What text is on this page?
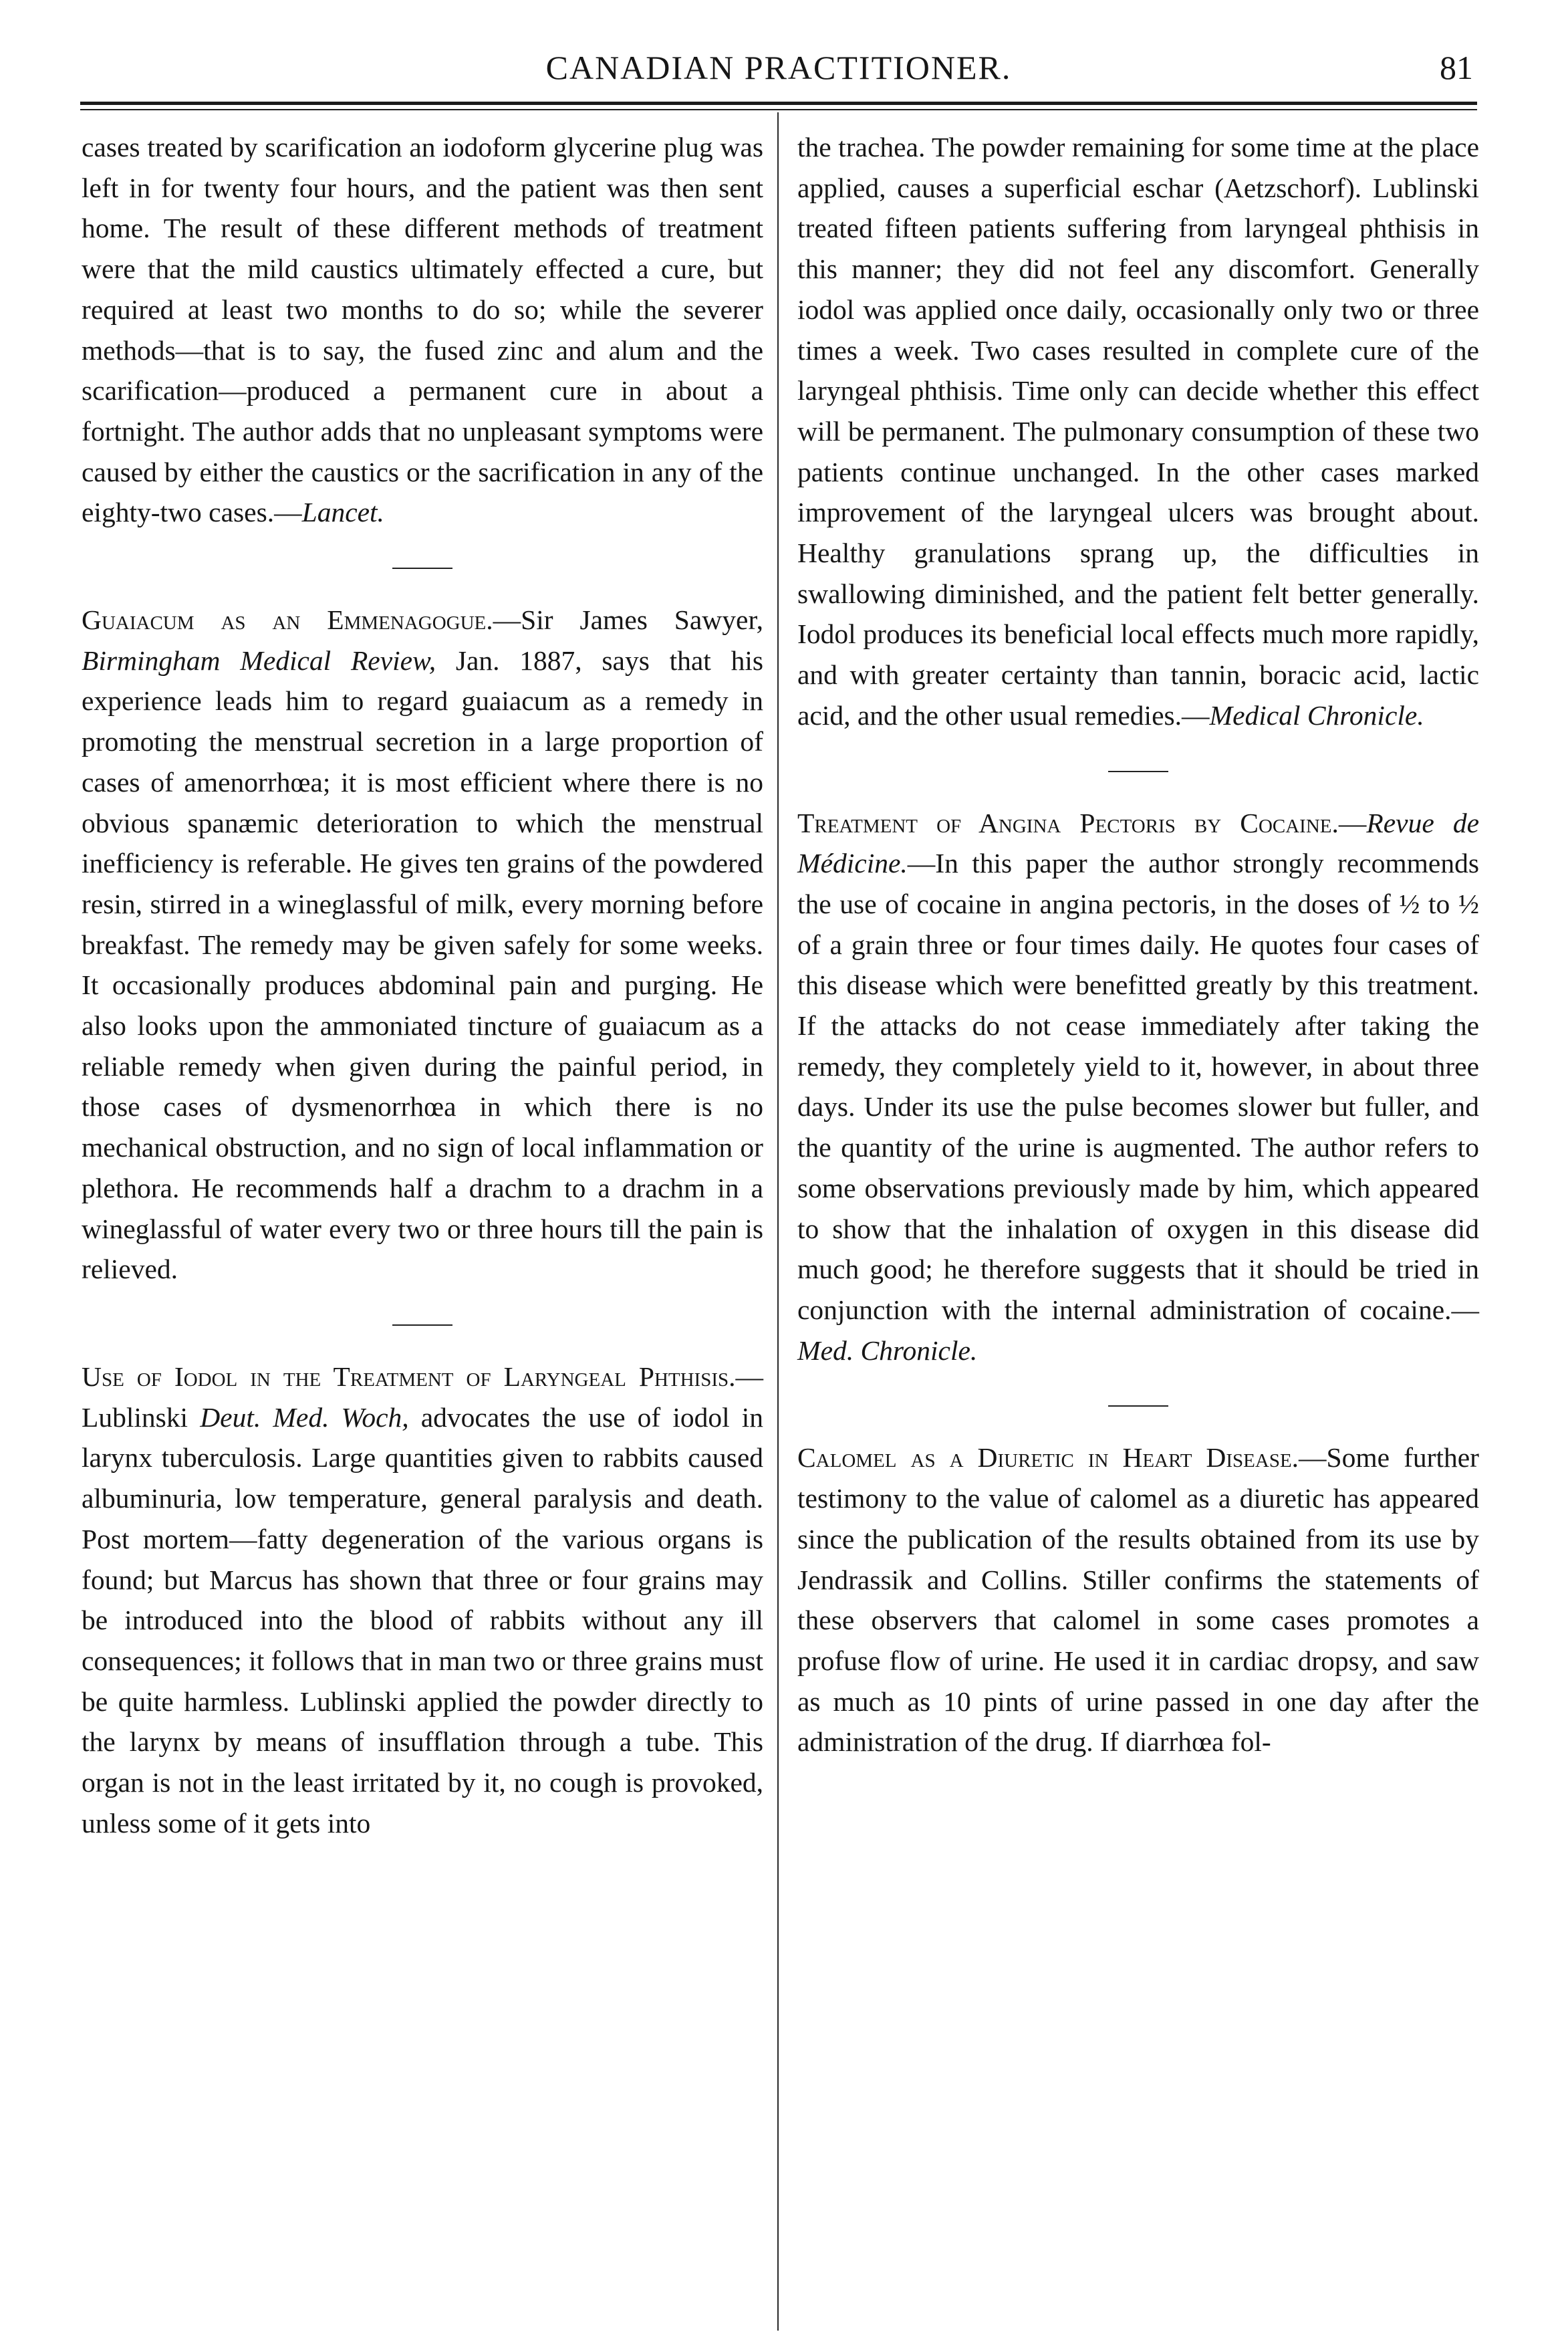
CANADIAN PRACTITIONER.	81

cases treated by scarification an iodoform glycerine plug was left in for twenty four hours, and the patient was then sent home. The result of these different methods of treatment were that the mild caustics ultimately effected a cure, but required at least two months to do so; while the severer methods—that is to say, the fused zinc and alum and the scarification—produced a permanent cure in about a fortnight. The author adds that no unpleasant symptoms were caused by either the caustics or the sacrification in any of the eighty-two cases.—Lancet.

Guaiacum as an Emmenagogue.—Sir James Sawyer, Birmingham Medical Review, Jan. 1887, says that his experience leads him to regard guaiacum as a remedy in promoting the menstrual secretion in a large proportion of cases of amenorrhœa; it is most efficient where there is no obvious spanæmic deterioration to which the menstrual inefficiency is referable. He gives ten grains of the powdered resin, stirred in a wineglassful of milk, every morning before breakfast. The remedy may be given safely for some weeks. It occasionally produces abdominal pain and purging. He also looks upon the ammoniated tincture of guaiacum as a reliable remedy when given during the painful period, in those cases of dysmenorrhœa in which there is no mechanical obstruction, and no sign of local inflammation or plethora. He recommends half a drachm to a drachm in a wineglassful of water every two or three hours till the pain is relieved.

Use of Iodol in the Treatment of Laryngeal Phthisis.—Lublinski Deut. Med. Woch, advocates the use of iodol in larynx tuberculosis. Large quantities given to rabbits caused albuminuria, low temperature, general paralysis and death. Post mortem—fatty degeneration of the various organs is found; but Marcus has shown that three or four grains may be introduced into the blood of rabbits without any ill consequences; it follows that in man two or three grains must be quite harmless. Lublinski applied the powder directly to the larynx by means of insufflation through a tube. This organ is not in the least irritated by it, no cough is provoked, unless some of it gets into

the trachea. The powder remaining for some time at the place applied, causes a superficial eschar (Aetzschorf). Lublinski treated fifteen patients suffering from laryngeal phthisis in this manner; they did not feel any discomfort. Generally iodol was applied once daily, occasionally only two or three times a week. Two cases resulted in complete cure of the laryngeal phthisis. Time only can decide whether this effect will be permanent. The pulmonary consumption of these two patients continue unchanged. In the other cases marked improvement of the laryngeal ulcers was brought about. Healthy granulations sprang up, the difficulties in swallowing diminished, and the patient felt better generally. Iodol produces its beneficial local effects much more rapidly, and with greater certainty than tannin, boracic acid, lactic acid, and the other usual remedies.—Medical Chronicle.

Treatment of Angina Pectoris by Cocaine.—Revue de Médicine.—In this paper the author strongly recommends the use of cocaine in angina pectoris, in the doses of ½ to ½ of a grain three or four times daily. He quotes four cases of this disease which were benefitted greatly by this treatment. If the attacks do not cease immediately after taking the remedy, they completely yield to it, however, in about three days. Under its use the pulse becomes slower but fuller, and the quantity of the urine is augmented. The author refers to some observations previously made by him, which appeared to show that the inhalation of oxygen in this disease did much good; he therefore suggests that it should be tried in conjunction with the internal administration of cocaine.—Med. Chronicle.

Calomel as a Diuretic in Heart Disease.—Some further testimony to the value of calomel as a diuretic has appeared since the publication of the results obtained from its use by Jendrassik and Collins. Stiller confirms the statements of these observers that calomel in some cases promotes a profuse flow of urine. He used it in cardiac dropsy, and saw as much as 10 pints of urine passed in one day after the administration of the drug. If diarrhœa fol-
